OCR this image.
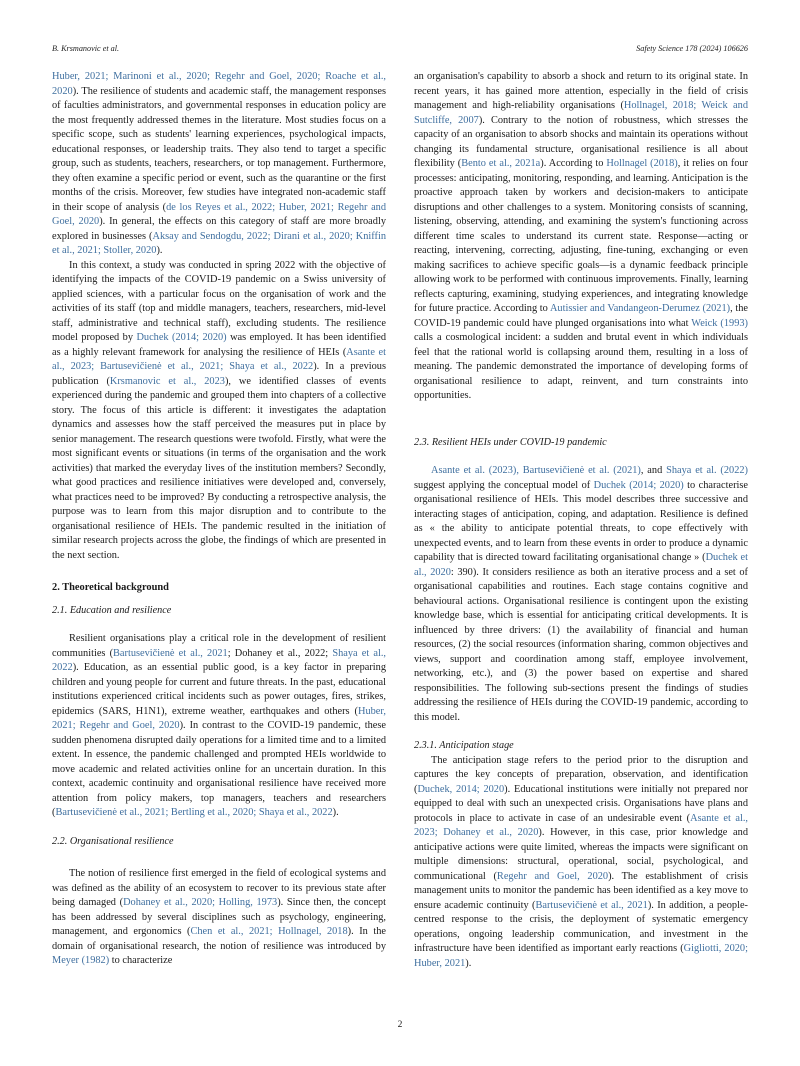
B. Krsmanovic et al.	Safety Science 178 (2024) 106626

Huber, 2021; Marinoni et al., 2020; Regehr and Goel, 2020; Roache et al., 2020). The resilience of students and academic staff, the management responses of faculties administrators, and governmental responses in education policy are the most frequently addressed themes in the literature. Most studies focus on a specific scope, such as students' learning experiences, psychological impacts, educational responses, or leadership traits. They also tend to target a specific group, such as students, teachers, researchers, or top management. Furthermore, they often examine a specific period or event, such as the quarantine or the first months of the crisis. Moreover, few studies have integrated non-academic staff in their scope of analysis (de los Reyes et al., 2022; Huber, 2021; Regehr and Goel, 2020). In general, the effects on this category of staff are more broadly explored in businesses (Aksay and Sendogdu, 2022; Dirani et al., 2020; Kniffin et al., 2021; Stoller, 2020).

In this context, a study was conducted in spring 2022 with the objective of identifying the impacts of the COVID-19 pandemic on a Swiss university of applied sciences, with a particular focus on the organisation of work and the activities of its staff (top and middle managers, teachers, researchers, mid-level staff, administrative and technical staff), excluding students. The resilience model proposed by Duchek (2014; 2020) was employed. It has been identified as a highly relevant framework for analysing the resilience of HEIs (Asante et al., 2023; Bartusevičienė et al., 2021; Shaya et al., 2022). In a previous publication (Krsmanovic et al., 2023), we identified classes of events experienced during the pandemic and grouped them into chapters of a collective story. The focus of this article is different: it investigates the adaptation dynamics and assesses how the staff perceived the measures put in place by senior management. The research questions were twofold. Firstly, what were the most significant events or situations (in terms of the organisation and the work activities) that marked the everyday lives of the institution members? Secondly, what good practices and resilience initiatives were developed and, conversely, what practices need to be improved? By conducting a retrospective analysis, the purpose was to learn from this major disruption and to contribute to the organisational resilience of HEIs. The pandemic resulted in the initiation of similar research projects across the globe, the findings of which are presented in the next section.

2. Theoretical background
2.1. Education and resilience

Resilient organisations play a critical role in the development of resilient communities (Bartusevičienė et al., 2021; Dohaney et al., 2022; Shaya et al., 2022). Education, as an essential public good, is a key factor in preparing children and young people for current and future threats. In the past, educational institutions experienced critical incidents such as power outages, fires, strikes, epidemics (SARS, H1N1), extreme weather, earthquakes and others (Huber, 2021; Regehr and Goel, 2020). In contrast to the COVID-19 pandemic, these sudden phenomena disrupted daily operations for a limited time and to a limited extent. In essence, the pandemic challenged and prompted HEIs worldwide to move academic and related activities online for an uncertain duration. In this context, academic continuity and organisational resilience have received more attention from policy makers, top managers, teachers and researchers (Bartusevičienė et al., 2021; Bertling et al., 2020; Shaya et al., 2022).

2.2. Organisational resilience

The notion of resilience first emerged in the field of ecological systems and was defined as the ability of an ecosystem to recover to its previous state after being damaged (Dohaney et al., 2020; Holling, 1973). Since then, the concept has been addressed by several disciplines such as psychology, engineering, management, and ergonomics (Chen et al., 2021; Hollnagel, 2018). In the domain of organisational research, the notion of resilience was introduced by Meyer (1982) to characterize

an organisation's capability to absorb a shock and return to its original state. In recent years, it has gained more attention, especially in the field of crisis management and high-reliability organisations (Hollnagel, 2018; Weick and Sutcliffe, 2007). Contrary to the notion of robustness, which stresses the capacity of an organisation to absorb shocks and maintain its operations without changing its fundamental structure, organisational resilience is all about flexibility (Bento et al., 2021a). According to Hollnagel (2018), it relies on four processes: anticipating, monitoring, responding, and learning. Anticipation is the proactive approach taken by workers and decision-makers to anticipate disruptions and other challenges to a system. Monitoring consists of scanning, listening, observing, attending, and examining the system's functioning across different time scales to understand its current state. Response—acting or reacting, intervening, correcting, adjusting, fine-tuning, exchanging or even making sacrifices to achieve specific goals—is a dynamic feedback principle allowing work to be performed with continuous improvements. Finally, learning reflects capturing, examining, studying experiences, and integrating knowledge for future practice. According to Autissier and Vandangeon-Derumez (2021), the COVID-19 pandemic could have plunged organisations into what Weick (1993) calls a cosmological incident: a sudden and brutal event in which individuals feel that the rational world is collapsing around them, resulting in a loss of meaning. The pandemic demonstrated the importance of developing forms of organisational resilience to adapt, reinvent, and turn constraints into opportunities.

2.3. Resilient HEIs under COVID-19 pandemic

Asante et al. (2023), Bartusevičienė et al. (2021), and Shaya et al. (2022) suggest applying the conceptual model of Duchek (2014; 2020) to characterise organisational resilience of HEIs. This model describes three successive and interacting stages of anticipation, coping, and adaptation. Resilience is defined as « the ability to anticipate potential threats, to cope effectively with unexpected events, and to learn from these events in order to produce a dynamic capability that is directed toward facilitating organisational change » (Duchek et al., 2020: 390). It considers resilience as both an iterative process and a set of organisational capabilities and routines. Each stage contains cognitive and behavioural actions. Organisational resilience is contingent upon the existing knowledge base, which is essential for anticipating critical developments. It is influenced by three drivers: (1) the availability of financial and human resources, (2) the social resources (information sharing, common objectives and views, support and coordination among staff, employee involvement, networking, etc.), and (3) the power based on expertise and shared responsibilities. The following sub-sections present the findings of studies addressing the resilience of HEIs during the COVID-19 pandemic, according to this model.

2.3.1. Anticipation stage

The anticipation stage refers to the period prior to the disruption and captures the key concepts of preparation, observation, and identification (Duchek, 2014; 2020). Educational institutions were initially not prepared nor equipped to deal with such an unexpected crisis. Organisations have plans and protocols in place to activate in case of an undesirable event (Asante et al., 2023; Dohaney et al., 2020). However, in this case, prior knowledge and anticipative actions were quite limited, whereas the impacts were significant on multiple dimensions: structural, operational, social, psychological, and communicational (Regehr and Goel, 2020). The establishment of crisis management units to monitor the pandemic has been identified as a key move to ensure academic continuity (Bartusevičienė et al., 2021). In addition, a people-centred response to the crisis, the deployment of systematic emergency operations, ongoing leadership communication, and investment in the infrastructure have been identified as important early reactions (Gigliotti, 2020; Huber, 2021).

2
